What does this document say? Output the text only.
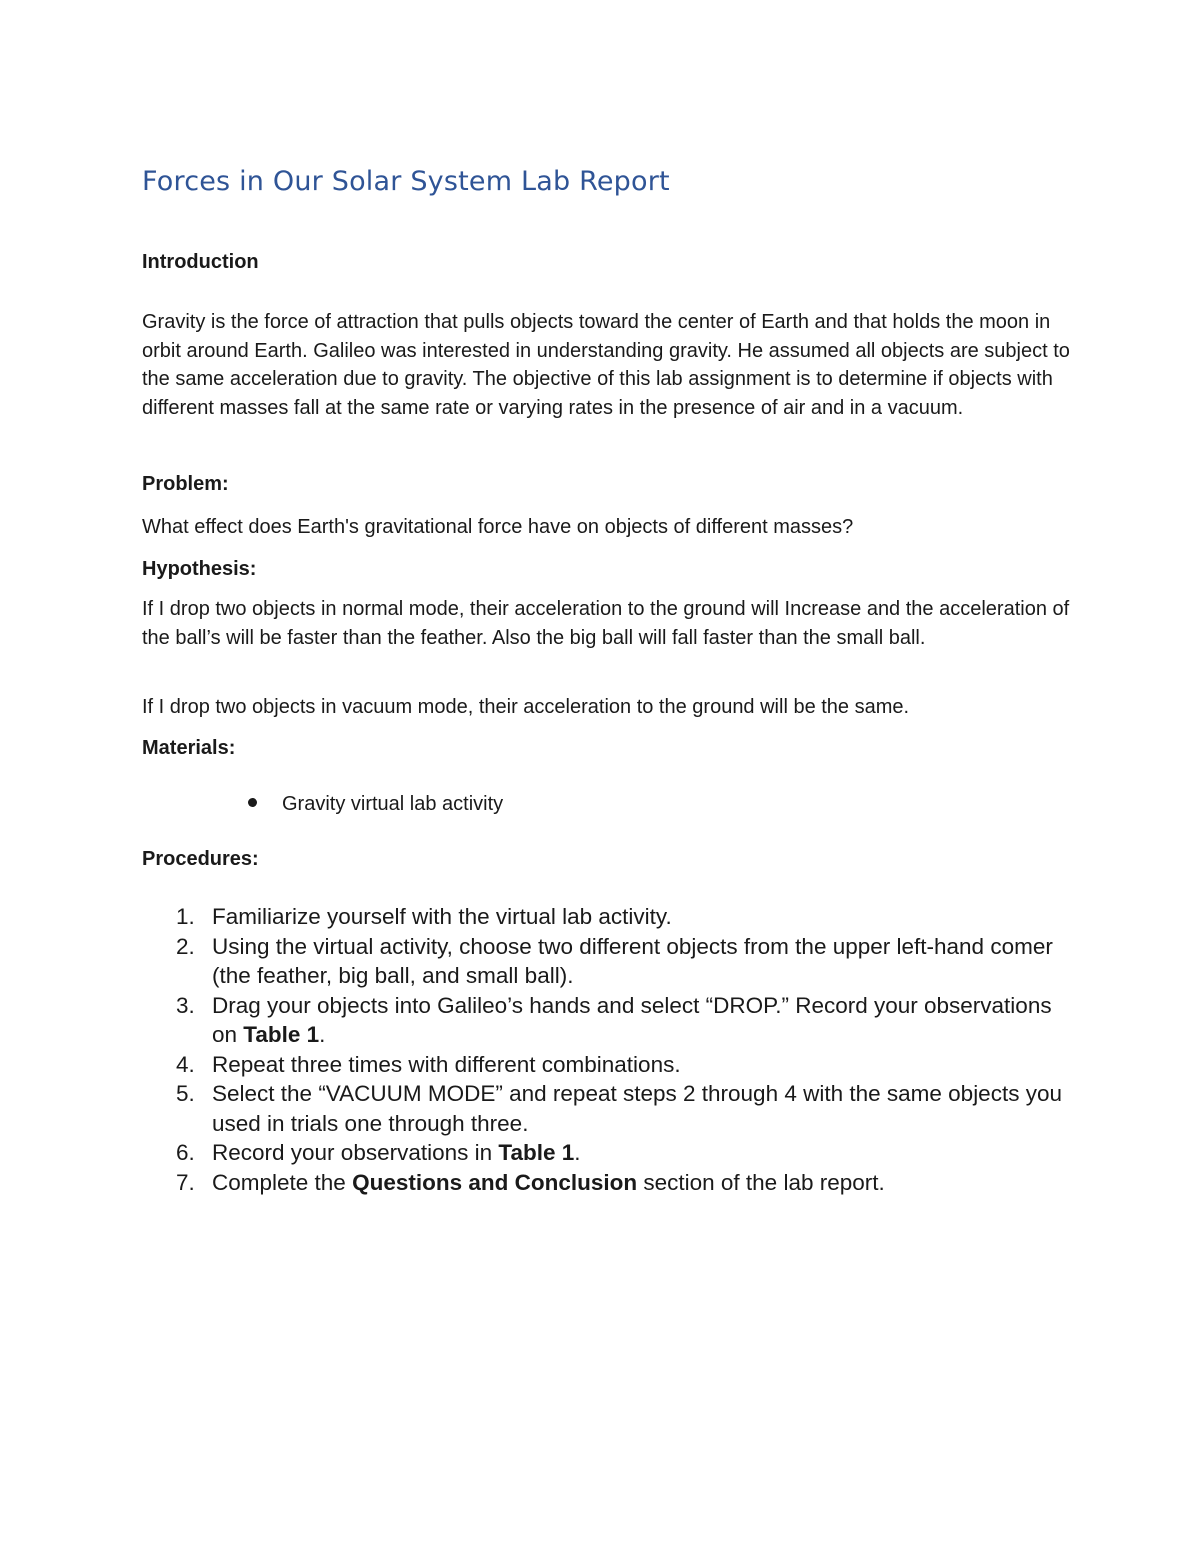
Forces in Our Solar System Lab Report
Introduction
Gravity is the force of attraction that pulls objects toward the center of Earth and that holds the moon in orbit around Earth. Galileo was interested in understanding gravity. He assumed all objects are subject to the same acceleration due to gravity. The objective of this lab assignment is to determine if objects with different masses fall at the same rate or varying rates in the presence of air and in a vacuum.
Problem:
What effect does Earth's gravitational force have on objects of different masses?
Hypothesis:
If I drop two objects in normal mode, their acceleration to the ground will Increase and the acceleration of the ball’s will be faster than the feather. Also the big ball will fall faster than the small ball.
If I drop two objects in vacuum mode, their acceleration to the ground will be the same.
Materials:
Gravity virtual lab activity
Procedures:
1. Familiarize yourself with the virtual lab activity.
2. Using the virtual activity, choose two different objects from the upper left-hand comer (the feather, big ball, and small ball).
3. Drag your objects into Galileo’s hands and select “DROP.” Record your observations on Table 1.
4. Repeat three times with different combinations.
5. Select the “VACUUM MODE” and repeat steps 2 through 4 with the same objects you used in trials one through three.
6. Record your observations in Table 1.
7. Complete the Questions and Conclusion section of the lab report.
